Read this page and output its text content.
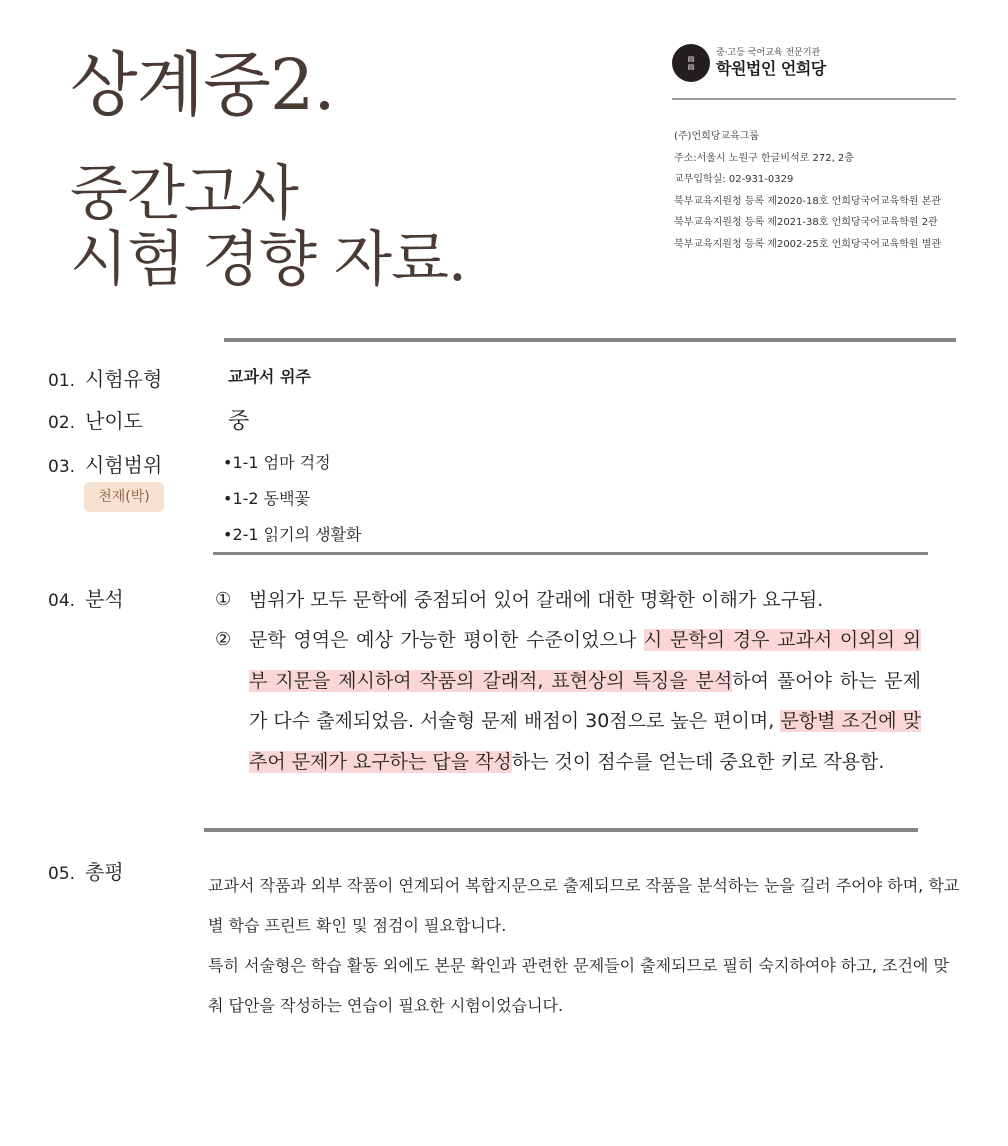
상계중2.
중간고사
시험 경향 자료.
▤
▤
중·고등 국어교육 전문기관
학원법인 언희당
(주)언희당교육그룹
주소:서울시 노원구 한글비석로 272, 2층
교무입학실: 02-931-0329
북부교육지원청 등록 제2020-18호 언희당국어교육학원 본관
북부교육지원청 등록 제2021-38호 언희당국어교육학원 2관
북부교육지원청 등록 제2002-25호 언희당국어교육학원 별관
01. 시험유형	교과서 위주
02. 난이도	중
03. 시험범위
천재(박)
•1-1 엄마 걱정
•1-2 동백꽃
•2-1 읽기의 생활화
04. 분석	① 범위가 모두 문학에 중점되어 있어 갈래에 대한 명확한 이해가 요구됨.
② 문학 영역은 예상 가능한 평이한 수준이었으나 시 문학의 경우 교과서 이외의 외부 지문을 제시하여 작품의 갈래적, 표현상의 특징을 분석하여 풀어야 하는 문제가 다수 출제되었음. 서술형 문제 배점이 30점으로 높은 편이며, 문항별 조건에 맞추어 문제가 요구하는 답을 작성하는 것이 점수를 얻는데 중요한 키로 작용함.
05. 총평

교과서 작품과 외부 작품이 연계되어 복합지문으로 출제되므로 작품을 분석하는 눈을 길러 주어야 하며, 학교별 학습 프린트 확인 및 점검이 필요합니다.

특히 서술형은 학습 활동 외에도 본문 확인과 관련한 문제들이 출제되므로 필히 숙지하여야 하고, 조건에 맞춰 답안을 작성하는 연습이 필요한 시험이었습니다.
